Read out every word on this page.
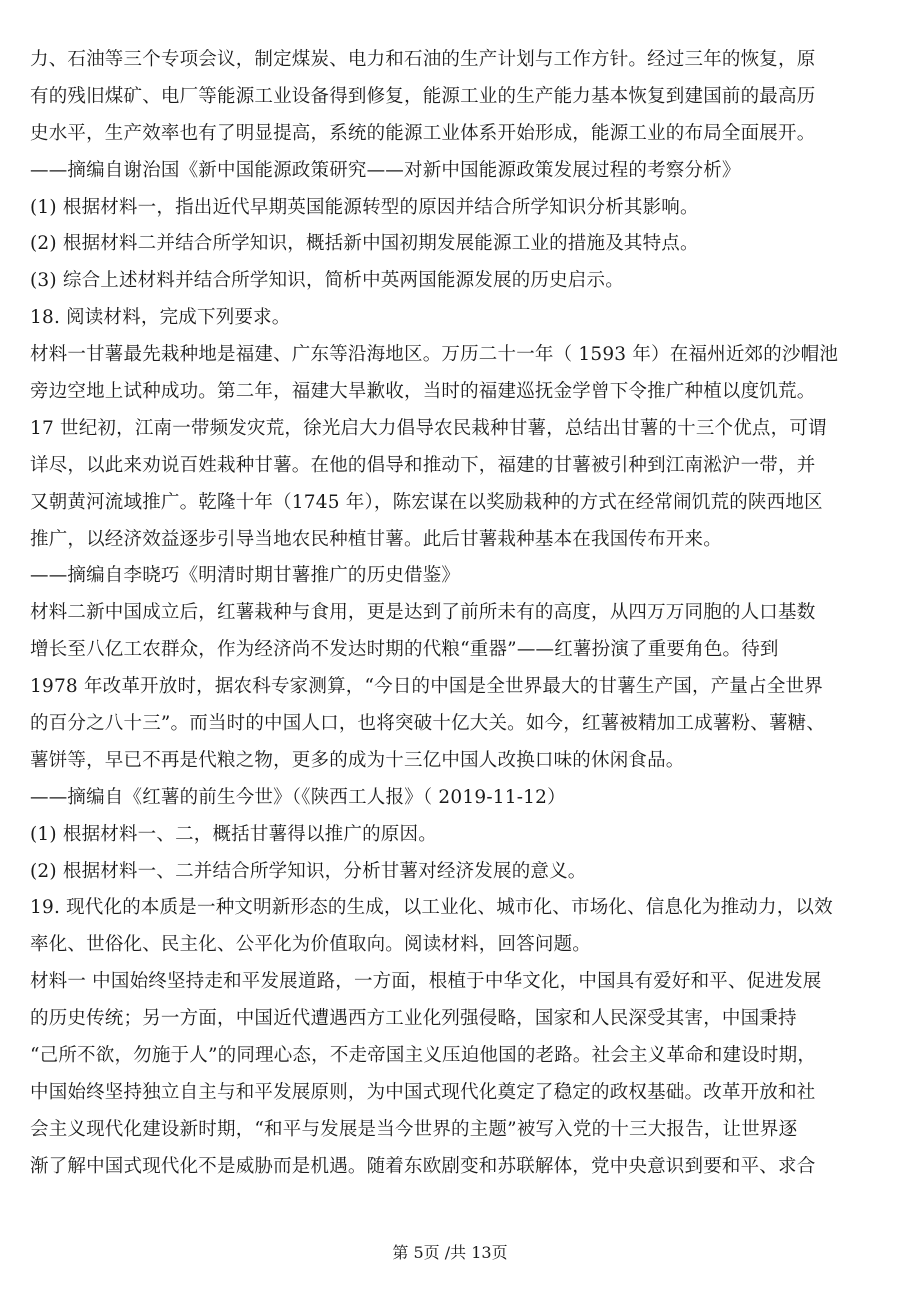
力、石油等三个专项会议，制定煤炭、电力和石油的生产计划与工作方针。经过三年的恢复，原
有的残旧煤矿、电厂等能源工业设备得到修复，能源工业的生产能力基本恢复到建国前的最高历
史水平，生产效率也有了明显提高，系统的能源工业体系开始形成，能源工业的布局全面展开。
——摘编自谢治国《新中国能源政策研究——对新中国能源政策发展过程的考察分析》
(1) 根据材料一，指出近代早期英国能源转型的原因并结合所学知识分析其影响。
(2) 根据材料二并结合所学知识，概括新中国初期发展能源工业的措施及其特点。
(3) 综合上述材料并结合所学知识，简析中英两国能源发展的历史启示。
18. 阅读材料，完成下列要求。
材料一甘薯最先栽种地是福建、广东等沿海地区。万历二十一年（ 1593 年）在福州近郊的沙帽池
旁边空地上试种成功。第二年，福建大旱歉收，当时的福建巡抚金学曾下令推广种植以度饥荒。
17 世纪初，江南一带频发灾荒，徐光启大力倡导农民栽种甘薯，总结出甘薯的十三个优点，可谓
详尽，以此来劝说百姓栽种甘薯。在他的倡导和推动下，福建的甘薯被引种到江南淞沪一带，并
又朝黄河流域推广。乾隆十年（1745 年），陈宏谋在以奖励栽种的方式在经常闹饥荒的陕西地区
推广，以经济效益逐步引导当地农民种植甘薯。此后甘薯栽种基本在我国传布开来。
——摘编自李晓巧《明清时期甘薯推广的历史借鉴》
材料二新中国成立后，红薯栽种与食用，更是达到了前所未有的高度，从四万万同胞的人口基数
增长至八亿工农群众，作为经济尚不发达时期的代粮“重器”——红薯扮演了重要角色。待到
1978 年改革开放时，据农科专家测算，“今日的中国是全世界最大的甘薯生产国，产量占全世界
的百分之八十三”。而当时的中国人口，也将突破十亿大关。如今，红薯被精加工成薯粉、薯糖、
薯饼等，早已不再是代粮之物，更多的成为十三亿中国人改换口味的休闲食品。
——摘编自《红薯的前生今世》（《陕西工人报》（ 2019-11-12）
(1) 根据材料一、二，概括甘薯得以推广的原因。
(2) 根据材料一、二并结合所学知识，分析甘薯对经济发展的意义。
19. 现代化的本质是一种文明新形态的生成，以工业化、城市化、市场化、信息化为推动力，以效
率化、世俗化、民主化、公平化为价值取向。阅读材料，回答问题。
材料一 中国始终坚持走和平发展道路，一方面，根植于中华文化，中国具有爱好和平、促进发展
的历史传统；另一方面，中国近代遭遇西方工业化列强侵略，国家和人民深受其害，中国秉持
“己所不欲，勿施于人”的同理心态，不走帝国主义压迫他国的老路。社会主义革命和建设时期，
中国始终坚持独立自主与和平发展原则，为中国式现代化奠定了稳定的政权基础。改革开放和社
会主义现代化建设新时期，“和平与发展是当今世界的主题”被写入党的十三大报告，让世界逐
渐了解中国式现代化不是威胁而是机遇。随着东欧剧变和苏联解体，党中央意识到要和平、求合
第 5页 /共 13页
